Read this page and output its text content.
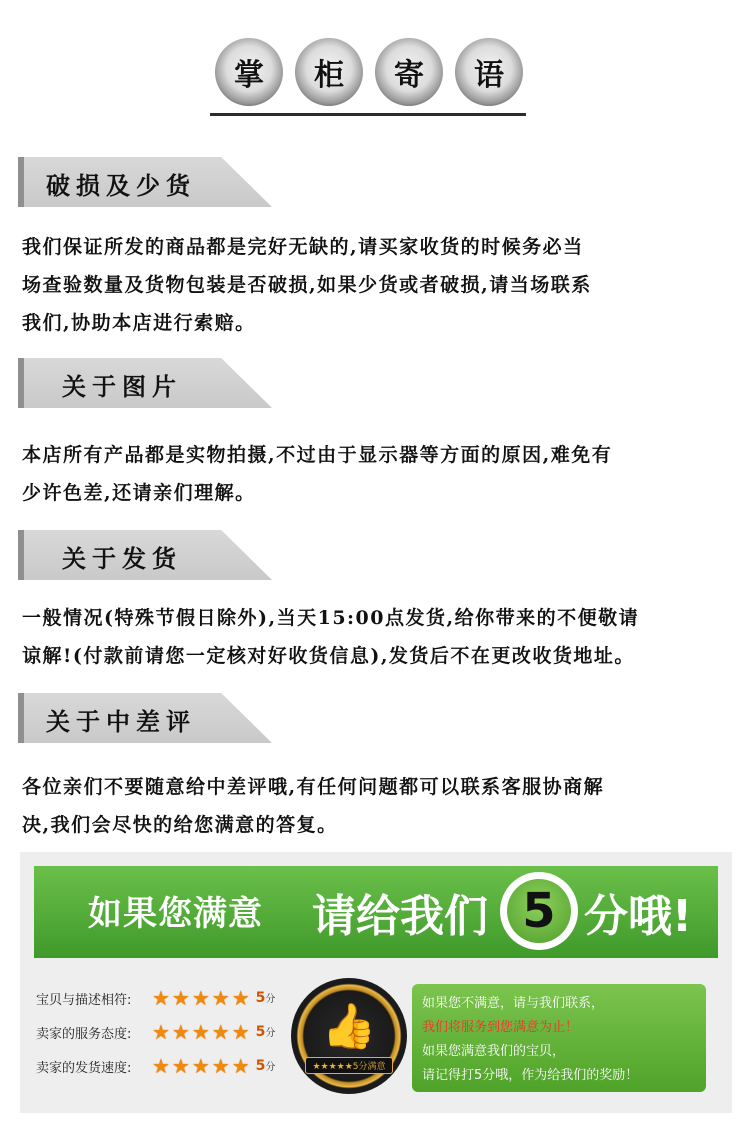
掌	柜	寄	语
破损及少货
我们保证所发的商品都是完好无缺的,请买家收货的时候务必当
场查验数量及货物包装是否破损,如果少货或者破损,请当场联系
我们,协助本店进行索赔。
关于图片
本店所有产品都是实物拍摄,不过由于显示器等方面的原因,难免有
少许色差,还请亲们理解。
关于发货
一般情况(特殊节假日除外),当天15:00点发货,给你带来的不便敬请
谅解!(付款前请您一定核对好收货信息),发货后不在更改收货地址。
关于中差评
各位亲们不要随意给中差评哦,有任何问题都可以联系客服协商解
决,我们会尽快的给您满意的答复。
如果您满意 请给我们 5 分哦!
宝贝与描述相符:	★★★★★ 5分
卖家的服务态度:	★★★★★ 5分
卖家的发货速度:	★★★★★ 5分
👍
★★★★★5分满意
如果您不满意，请与我们联系，
我们将服务到您满意为止！
如果您满意我们的宝贝，
请记得打5分哦，作为给我们的奖励！
